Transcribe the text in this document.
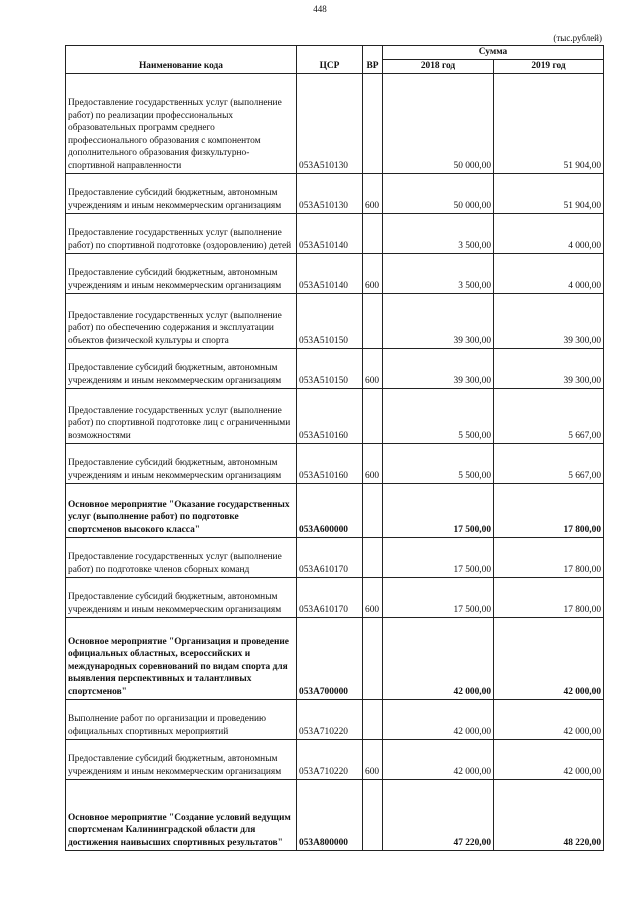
448
(тыс.рублей)
Наименование кода	ЦСР	ВР	Сумма	
			2018 год	2019 год
Предоставление государственных услуг (выполнение работ) по реализации профессиональных образовательных программ среднего профессионального образования с компонентом дополнительного образования физкультурно-спортивной направленности	053А510130		50 000,00	51 904,00
Предоставление субсидий бюджетным, автономным учреждениям и иным некоммерческим организациям	053А510130	600	50 000,00	51 904,00
Предоставление государственных услуг (выполнение работ) по спортивной подготовке (оздоровлению) детей	053А510140		3 500,00	4 000,00
Предоставление субсидий бюджетным, автономным учреждениям и иным некоммерческим организациям	053А510140	600	3 500,00	4 000,00
Предоставление государственных услуг (выполнение работ) по обеспечению содержания и эксплуатации объектов физической культуры и спорта	053А510150		39 300,00	39 300,00
Предоставление субсидий бюджетным, автономным учреждениям и иным некоммерческим организациям	053А510150	600	39 300,00	39 300,00
Предоставление государственных услуг (выполнение работ) по спортивной подготовке лиц с ограниченными возможностями	053А510160		5 500,00	5 667,00
Предоставление субсидий бюджетным, автономным учреждениям и иным некоммерческим организациям	053А510160	600	5 500,00	5 667,00
Основное мероприятие "Оказание государственных услуг (выполнение работ) по подготовке спортсменов высокого класса"	053А600000		17 500,00	17 800,00
Предоставление государственных услуг (выполнение работ) по подготовке членов сборных команд	053А610170		17 500,00	17 800,00
Предоставление субсидий бюджетным, автономным учреждениям и иным некоммерческим организациям	053А610170	600	17 500,00	17 800,00
Основное мероприятие "Организация и проведение официальных областных, всероссийских и международных соревнований по видам спорта для выявления перспективных и талантливых спортсменов"	053А700000		42 000,00	42 000,00
Выполнение работ по организации и проведению официальных спортивных мероприятий	053А710220		42 000,00	42 000,00
Предоставление субсидий бюджетным, автономным учреждениям и иным некоммерческим организациям	053А710220	600	42 000,00	42 000,00
Основное мероприятие "Создание условий ведущим спортсменам Калининградской области для достижения наивысших спортивных результатов"	053А800000		47 220,00	48 220,00
